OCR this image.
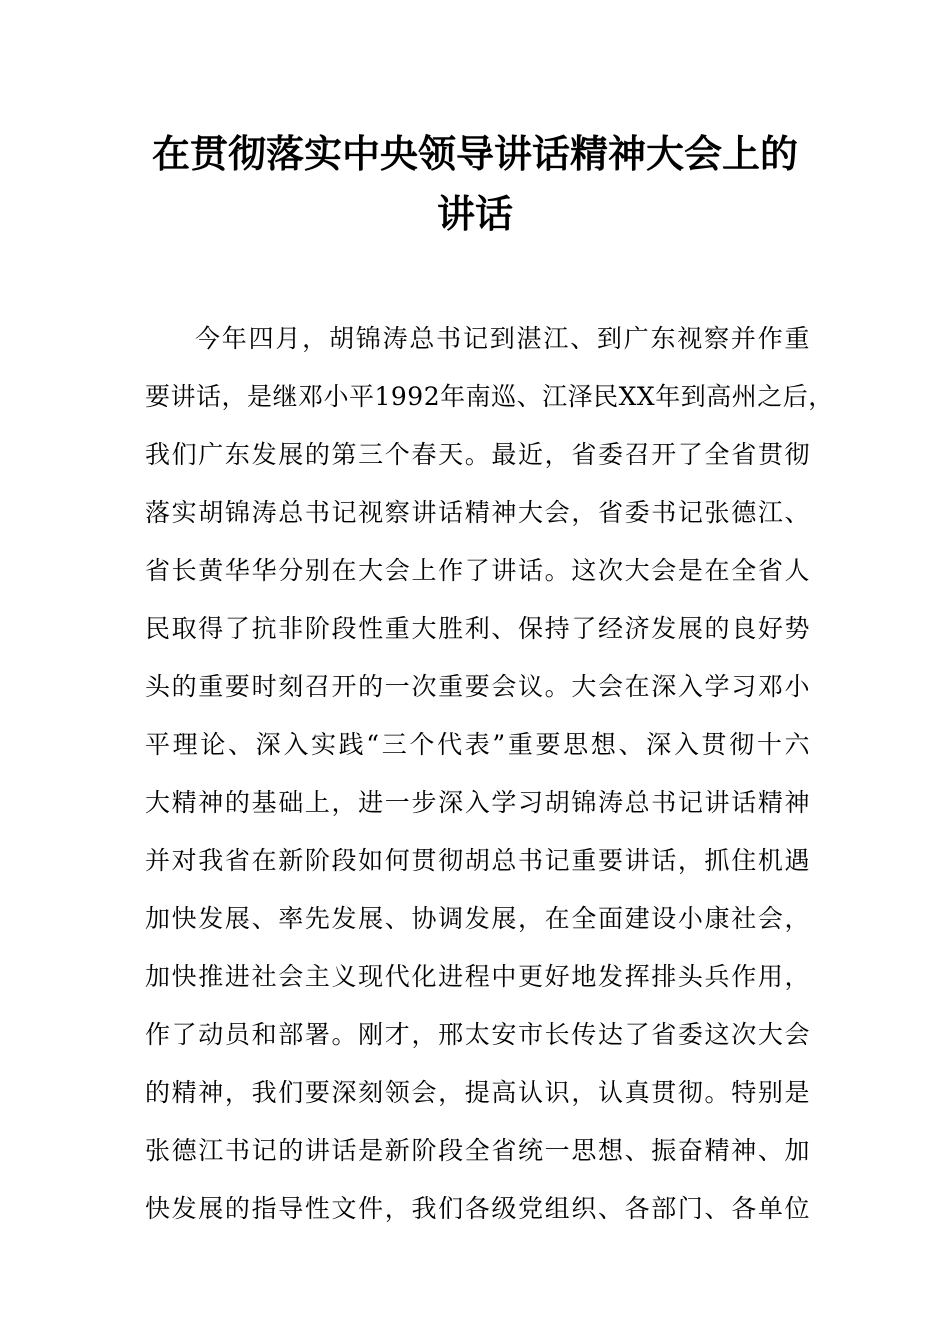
在贯彻落实中央领导讲话精神大会上的
讲话
今年四月，胡锦涛总书记到湛江、到广东视察并作重
要讲话，是继邓小平1992年南巡、江泽民XX年到高州之后，
我们广东发展的第三个春天。最近，省委召开了全省贯彻
落实胡锦涛总书记视察讲话精神大会，省委书记张德江、
省长黄华华分别在大会上作了讲话。这次大会是在全省人
民取得了抗非阶段性重大胜利、保持了经济发展的良好势
头的重要时刻召开的一次重要会议。大会在深入学习邓小
平理论、深入实践“三个代表”重要思想、深入贯彻十六
大精神的基础上，进一步深入学习胡锦涛总书记讲话精神
并对我省在新阶段如何贯彻胡总书记重要讲话，抓住机遇
加快发展、率先发展、协调发展，在全面建设小康社会，
加快推进社会主义现代化进程中更好地发挥排头兵作用，
作了动员和部署。刚才，邢太安市长传达了省委这次大会
的精神，我们要深刻领会，提高认识，认真贯彻。特别是
张德江书记的讲话是新阶段全省统一思想、振奋精神、加
快发展的指导性文件，我们各级党组织、各部门、各单位
